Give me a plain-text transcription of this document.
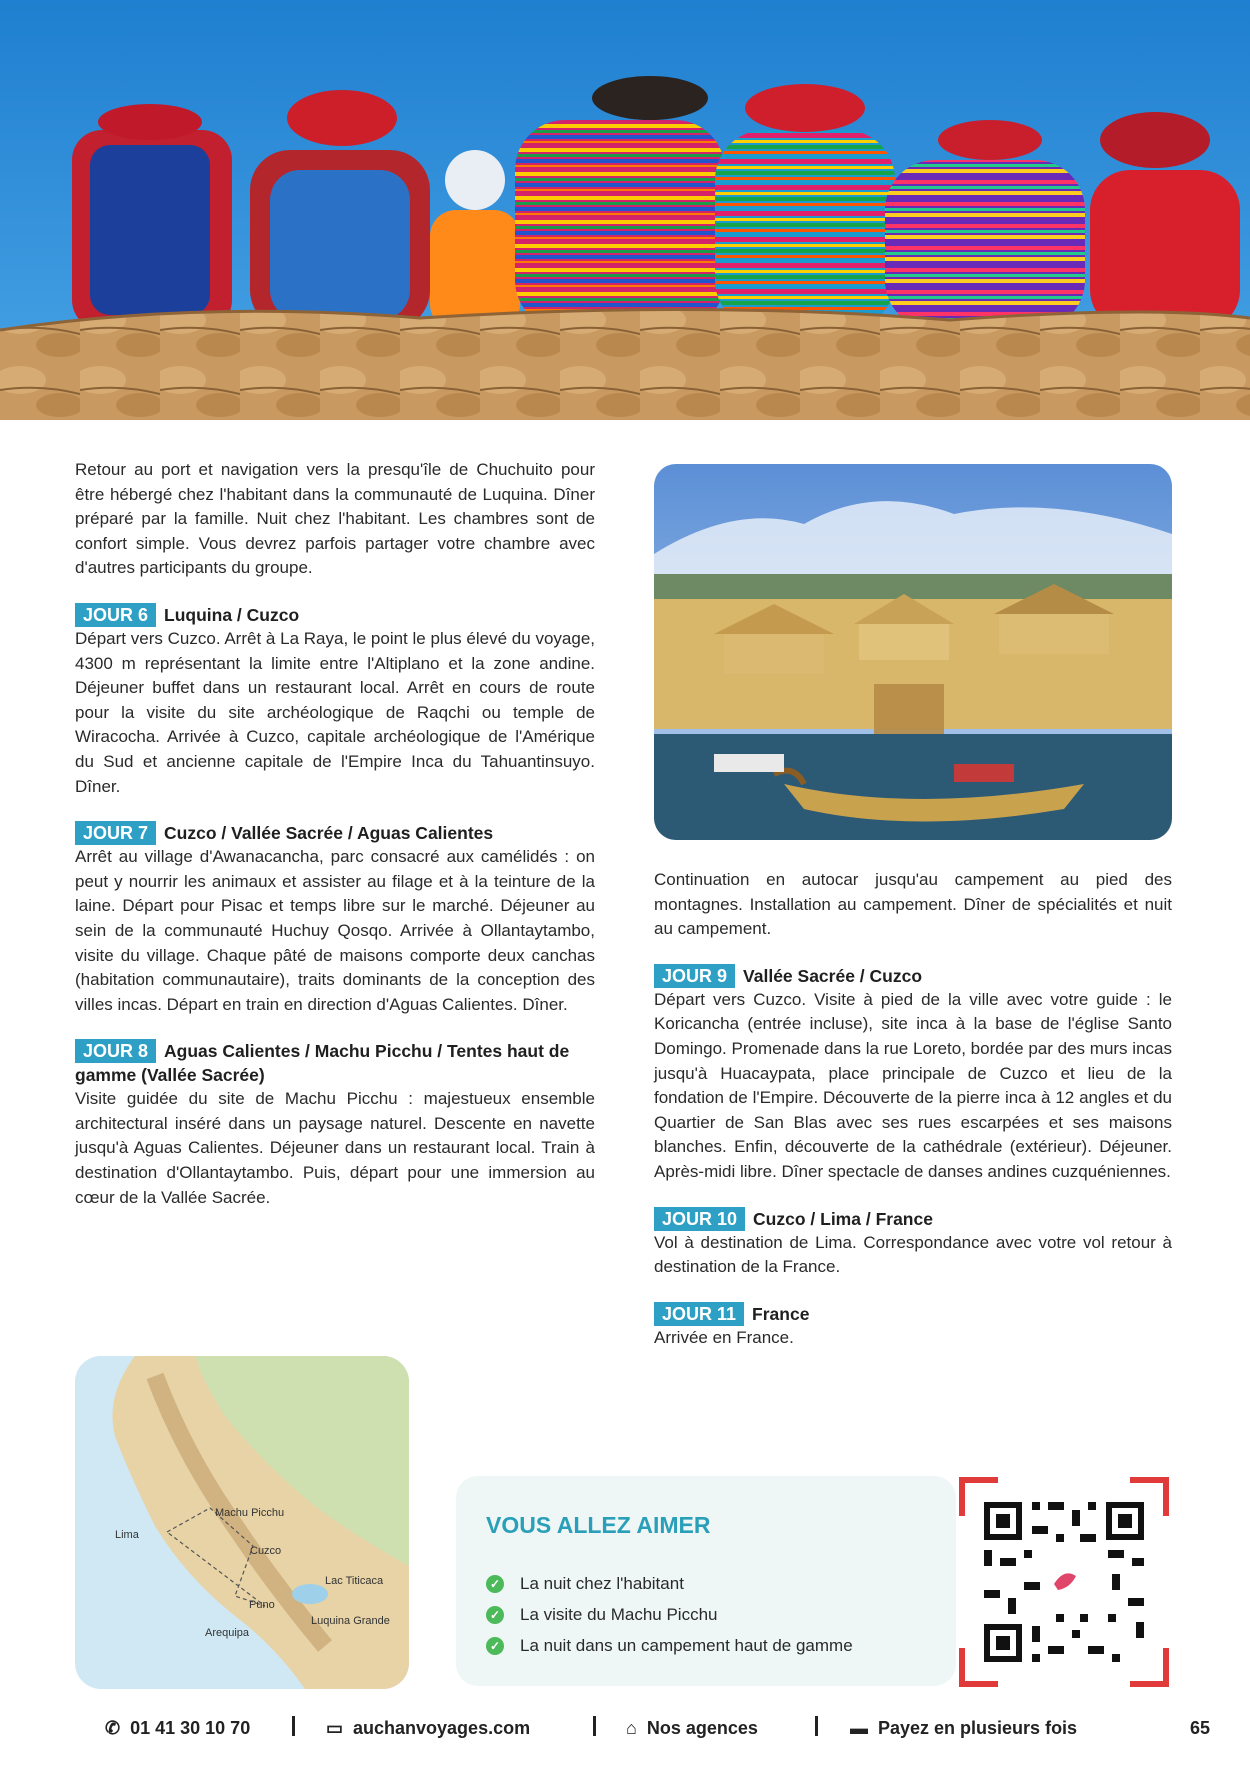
Retour au port et navigation vers la presqu'île de Chuchuito pour être hébergé chez l'habitant dans la communauté de Luquina. Dîner préparé par la famille. Nuit chez l'habitant. Les chambres sont de confort simple. Vous devrez parfois partager votre chambre avec d'autres participants du groupe.

JOUR 6 Luquina / Cuzco
Départ vers Cuzco. Arrêt à La Raya, le point le plus élevé du voyage, 4300 m représentant la limite entre l'Altiplano et la zone andine. Déjeuner buffet dans un restaurant local. Arrêt en cours de route pour la visite du site archéologique de Raqchi ou temple de Wiracocha. Arrivée à Cuzco, capitale archéologique de l'Amérique du Sud et ancienne capitale de l'Empire Inca du Tahuantinsuyo. Dîner.
JOUR 7 Cuzco / Vallée Sacrée / Aguas Calientes
Arrêt au village d'Awanacancha, parc consacré aux camélidés : on peut y nourrir les animaux et assister au filage et à la teinture de la laine. Départ pour Pisac et temps libre sur le marché. Déjeuner au sein de la communauté Huchuy Qosqo. Arrivée à Ollantaytambo, visite du village. Chaque pâté de maisons comporte deux canchas (habitation communautaire), traits dominants de la conception des villes incas. Départ en train en direction d'Aguas Calientes. Dîner.
JOUR 8 Aguas Calientes / Machu Picchu / Tentes haut de gamme (Vallée Sacrée)
Visite guidée du site de Machu Picchu : majestueux ensemble architectural inséré dans un paysage naturel. Descente en navette jusqu'à Aguas Calientes. Déjeuner dans un restaurant local. Train à destination d'Ollantaytambo. Puis, départ pour une immersion au cœur de la Vallée Sacrée.

Continuation en autocar jusqu'au campement au pied des montagnes. Installation au campement. Dîner de spécialités et nuit au campement.

JOUR 9 Vallée Sacrée / Cuzco
Départ vers Cuzco. Visite à pied de la ville avec votre guide : le Koricancha (entrée incluse), site inca à la base de l'église Santo Domingo. Promenade dans la rue Loreto, bordée par des murs incas jusqu'à Huacaypata, place principale de Cuzco et lieu de la fondation de l'Empire. Découverte de la pierre inca à 12 angles et du Quartier de San Blas avec ses rues escarpées et ses maisons blanches. Enfin, découverte de la cathédrale (extérieur). Déjeuner. Après-midi libre. Dîner spectacle de danses andines cuzquéniennes.
JOUR 10 Cuzco / Lima / France
Vol à destination de Lima. Correspondance avec votre vol retour à destination de la France.
JOUR 11 France
Arrivée en France.
Machu Picchu
Lima
Cuzco
Lac Titicaca
Puno
Luquina Grande
Arequipa
VOUS ALLEZ AIMER
✓ La nuit chez l'habitant
✓ La visite du Machu Picchu
✓ La nuit dans un campement haut de gamme
✆ 01 41 30 10 70	▭ auchanvoyages.com	⌂ Nos agences	▬ Payez en plusieurs fois	65
